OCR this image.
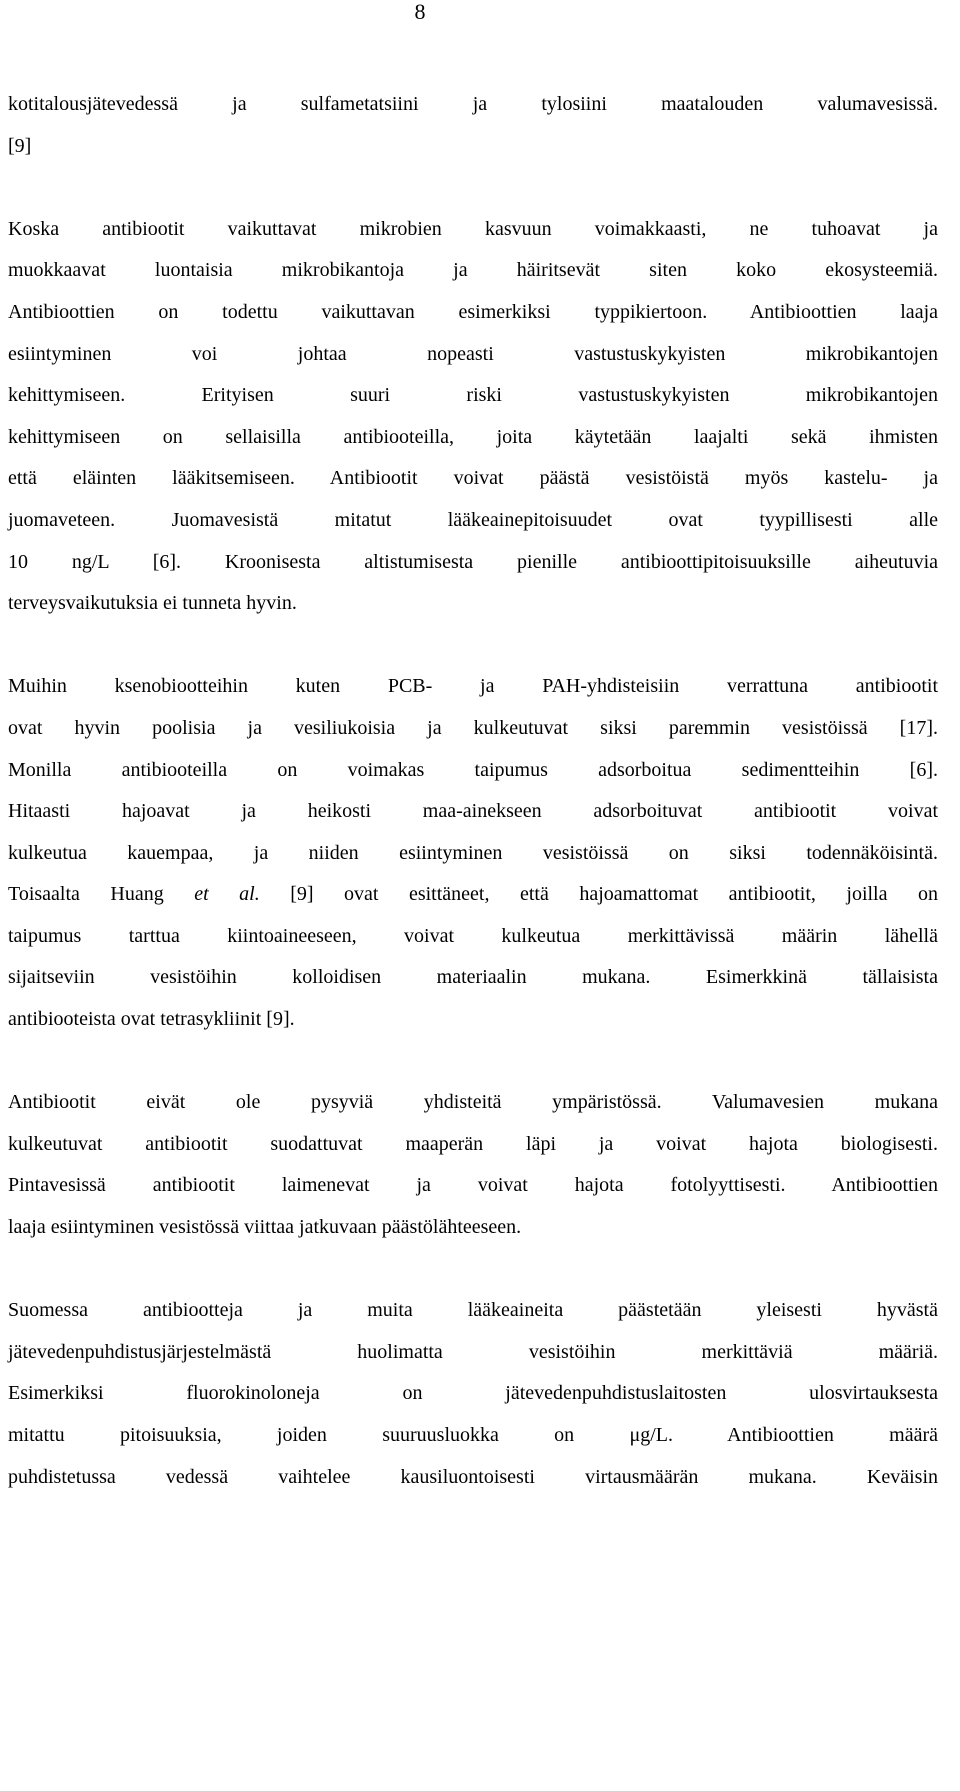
8
kotitalousjätevedessä ja sulfametatsiini ja tylosiini maatalouden valumavesissä.
[9]
Koska antibiootit vaikuttavat mikrobien kasvuun voimakkaasti, ne tuhoavat ja
muokkaavat luontaisia mikrobikantoja ja häiritsevät siten koko ekosysteemiä.
Antibioottien on todettu vaikuttavan esimerkiksi typpikiertoon. Antibioottien laaja
esiintyminen voi johtaa nopeasti vastustuskykyisten mikrobikantojen
kehittymiseen. Erityisen suuri riski vastustuskykyisten mikrobikantojen
kehittymiseen on sellaisilla antibiooteilla, joita käytetään laajalti sekä ihmisten
että eläinten lääkitsemiseen. Antibiootit voivat päästä vesistöistä myös kastelu- ja
juomaveteen. Juomavesistä mitatut lääkeainepitoisuudet ovat tyypillisesti alle
10 ng/L [6]. Kroonisesta altistumisesta pienille antibioottipitoisuuksille aiheutuvia
terveysvaikutuksia ei tunneta hyvin.
Muihin ksenobiootteihin kuten PCB- ja PAH-yhdisteisiin verrattuna antibiootit
ovat hyvin poolisia ja vesiliukoisia ja kulkeutuvat siksi paremmin vesistöissä [17].
Monilla antibiooteilla on voimakas taipumus adsorboitua sedimentteihin [6].
Hitaasti hajoavat ja heikosti maa-ainekseen adsorboituvat antibiootit voivat
kulkeutua kauempaa, ja niiden esiintyminen vesistöissä on siksi todennäköisintä.
Toisaalta Huang et al. [9] ovat esittäneet, että hajoamattomat antibiootit, joilla on
taipumus tarttua kiintoaineeseen, voivat kulkeutua merkittävissä määrin lähellä
sijaitseviin vesistöihin kolloidisen materiaalin mukana. Esimerkkinä tällaisista
antibiooteista ovat tetrasykliinit [9].
Antibiootit eivät ole pysyviä yhdisteitä ympäristössä. Valumavesien mukana
kulkeutuvat antibiootit suodattuvat maaperän läpi ja voivat hajota biologisesti.
Pintavesissä antibiootit laimenevat ja voivat hajota fotolyyttisesti. Antibioottien
laaja esiintyminen vesistössä viittaa jatkuvaan päästölähteeseen.
Suomessa antibiootteja ja muita lääkeaineita päästetään yleisesti hyvästä
jätevedenpuhdistusjärjestelmästä huolimatta vesistöihin merkittäviä määriä.
Esimerkiksi fluorokinoloneja on jätevedenpuhdistuslaitosten ulosvirtauksesta
mitattu pitoisuuksia, joiden suuruusluokka on μg/L. Antibioottien määrä
puhdistetussa vedessä vaihtelee kausiluontoisesti virtausmäärän mukana. Keväisin
